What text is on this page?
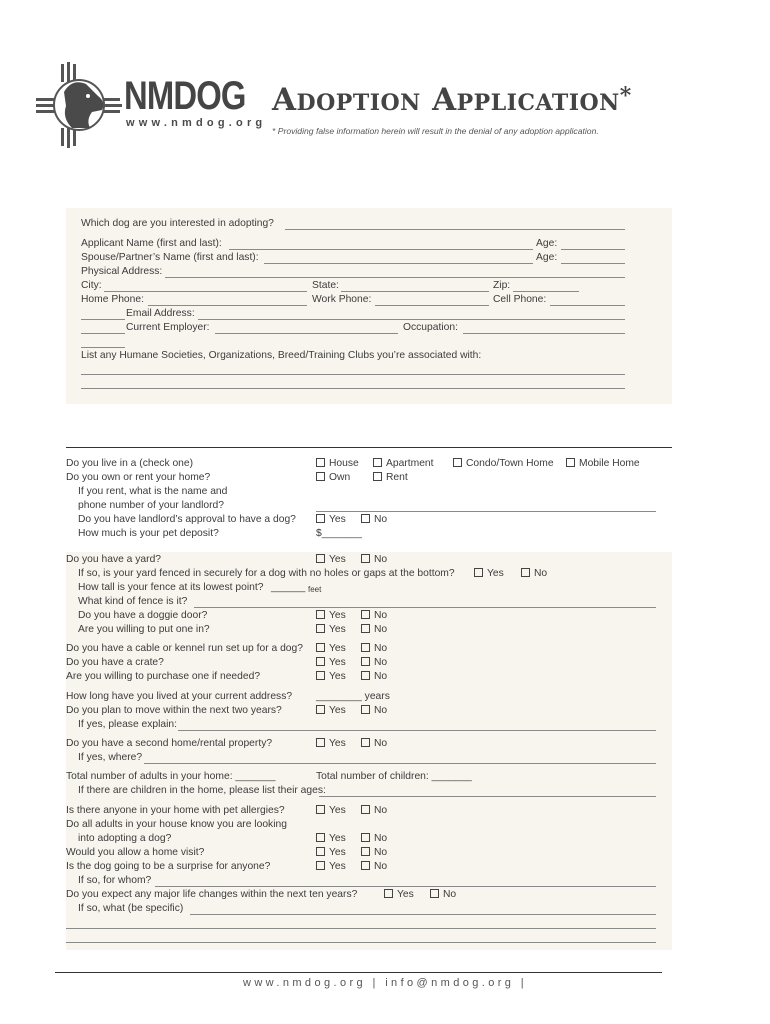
NMDOG
www.nmdog.org
Adoption Application*
* Providing false information herein will result in the denial of any adoption application.
Which dog are you interested in adopting?
Applicant Name (first and last):	Age:
Spouse/Partner’s Name (first and last):	Age:
Physical Address:
City:	State:	Zip:
Home Phone:	Work Phone:	Cell Phone:
Email Address:
Current Employer:	Occupation:
List any Humane Societies, Organizations, Breed/Training Clubs you’re associated with:
Do you live in a (check one)	House	Apartment	Condo/Town Home	Mobile Home
Do you own or rent your home?	Own	Rent
If you rent, what is the name and
phone number of your landlord?
Do you have landlord’s approval to have a dog?	Yes	No
How much is your pet deposit?	$_______
Do you have a yard?	Yes	No
If so, is your yard fenced in securely for a dog with no holes or gaps at the bottom?	Yes	No
How tall is your fence at its lowest point? ______ feet
What kind of fence is it?
Do you have a doggie door?	Yes	No
Are you willing to put one in?	Yes	No
Do you have a cable or kennel run set up for a dog?	Yes	No
Do you have a crate?	Yes	No
Are you willing to purchase one if needed?	Yes	No
How long have you lived at your current address? ________ years
Do you plan to move within the next two years?	Yes	No
If yes, please explain:
Do you have a second home/rental property?	Yes	No
If yes, where?
Total number of adults in your home: _______	Total number of children: _______
If there are children in the home, please list their ages:
Is there anyone in your home with pet allergies?	Yes	No
Do all adults in your house know you are looking
into adopting a dog?	Yes	No
Would you allow a home visit?	Yes	No
Is the dog going to be a surprise for anyone?	Yes	No
If so, for whom?
Do you expect any major life changes within the next ten years?	Yes	No
If so, what (be specific)
www.nmdog.org | info@nmdog.org |
